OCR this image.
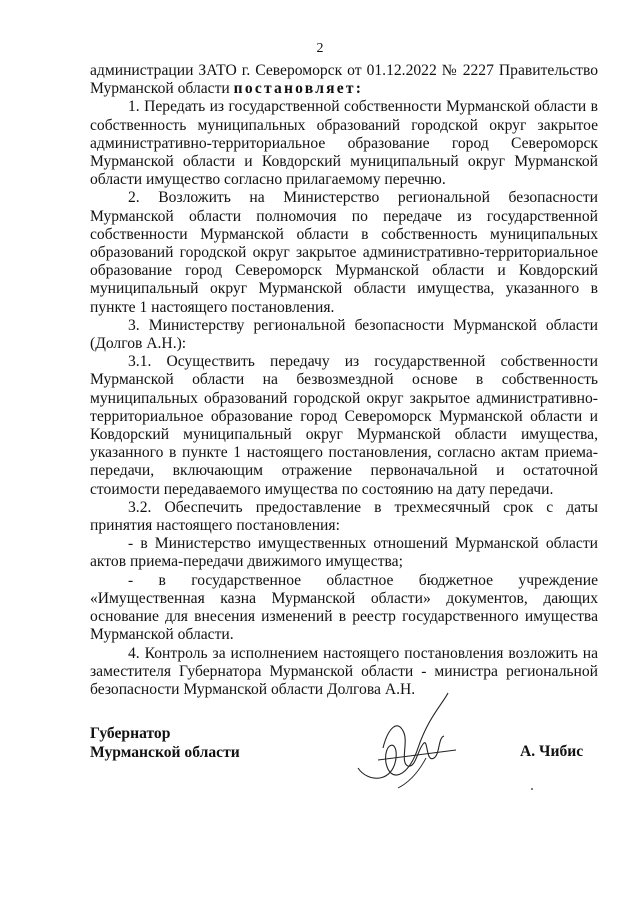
2

администрации ЗАТО г. Североморск от 01.12.2022 № 2227 Правительство Мурманской области постановляет:

1. Передать из государственной собственности Мурманской области в собственность муниципальных образований городской округ закрытое административно-территориальное образование город Североморск Мурманской области и Ковдорский муниципальный округ Мурманской области имущество согласно прилагаемому перечню.

2. Возложить на Министерство региональной безопасности Мурманской области полномочия по передаче из государственной собственности Мурманской области в собственность муниципальных образований городской округ закрытое административно-территориальное образование город Североморск Мурманской области и Ковдорский муниципальный округ Мурманской области имущества, указанного в пункте 1 настоящего постановления.

3. Министерству региональной безопасности Мурманской области (Долгов А.Н.):

3.1. Осуществить передачу из государственной собственности Мурманской области на безвозмездной основе в собственность муниципальных образований городской округ закрытое административно-территориальное образование город Североморск Мурманской области и Ковдорский муниципальный округ Мурманской области имущества, указанного в пункте 1 настоящего постановления, согласно актам приема-передачи, включающим отражение первоначальной и остаточной стоимости передаваемого имущества по состоянию на дату передачи.

3.2. Обеспечить предоставление в трехмесячный срок с даты принятия настоящего постановления:

- в Министерство имущественных отношений Мурманской области актов приема-передачи движимого имущества;

- в государственное областное бюджетное учреждение «Имущественная казна Мурманской области» документов, дающих основание для внесения изменений в реестр государственного имущества Мурманской области.

4. Контроль за исполнением настоящего постановления возложить на заместителя Губернатора Мурманской области - министра региональной безопасности Мурманской области Долгова А.Н.

Губернатор
Мурманской области	А. Чибис
